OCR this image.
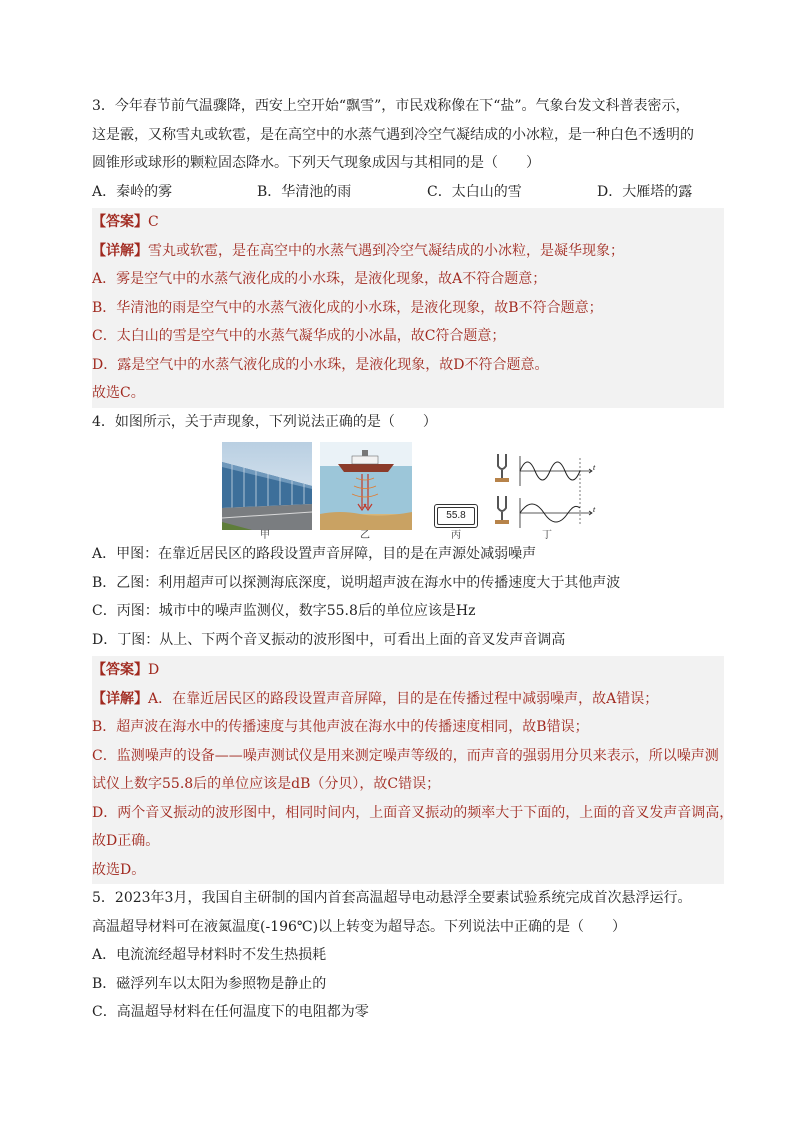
3．今年春节前气温骤降，西安上空开始“飘雪”，市民戏称像在下“盐”。气象台发文科普表密示，
这是霰，又称雪丸或软雹，是在高空中的水蒸气遇到冷空气凝结成的小冰粒，是一种白色不透明的
圆锥形或球形的颗粒固态降水。下列天气现象成因与其相同的是（　　）
A．秦岭的雾	B．华清池的雨	C．太白山的雪	D．大雁塔的露
【答案】C
【详解】雪丸或软雹，是在高空中的水蒸气遇到冷空气凝结成的小冰粒，是凝华现象；
A．雾是空气中的水蒸气液化成的小水珠，是液化现象，故A不符合题意；
B．华清池的雨是空气中的水蒸气液化成的小水珠，是液化现象，故B不符合题意；
C．太白山的雪是空气中的水蒸气凝华成的小冰晶，故C符合题意；
D．露是空气中的水蒸气液化成的小水珠，是液化现象，故D不符合题意。
故选C。
4．如图所示，关于声现象，下列说法正确的是（　　）
55.8
t
t
甲	乙	丙	丁
A．甲图：在靠近居民区的路段设置声音屏障，目的是在声源处减弱噪声
B．乙图：利用超声可以探测海底深度，说明超声波在海水中的传播速度大于其他声波
C．丙图：城市中的噪声监测仪，数字55.8后的单位应该是Hz
D．丁图：从上、下两个音叉振动的波形图中，可看出上面的音叉发声音调高
【答案】D
【详解】A．在靠近居民区的路段设置声音屏障，目的是在传播过程中减弱噪声，故A错误；
B．超声波在海水中的传播速度与其他声波在海水中的传播速度相同，故B错误；
C．监测噪声的设备——噪声测试仪是用来测定噪声等级的，而声音的强弱用分贝来表示，所以噪声测
试仪上数字55.8后的单位应该是dB（分贝），故C错误；
D．两个音叉振动的波形图中，相同时间内，上面音叉振动的频率大于下面的，上面的音叉发声音调高，
故D正确。
故选D。
5．2023年3月，我国自主研制的国内首套高温超导电动悬浮全要素试验系统完成首次悬浮运行。
高温超导材料可在液氮温度(-196℃)以上转变为超导态。下列说法中正确的是（　　）
A．电流流经超导材料时不发生热损耗
B．磁浮列车以太阳为参照物是静止的
C．高温超导材料在任何温度下的电阻都为零
